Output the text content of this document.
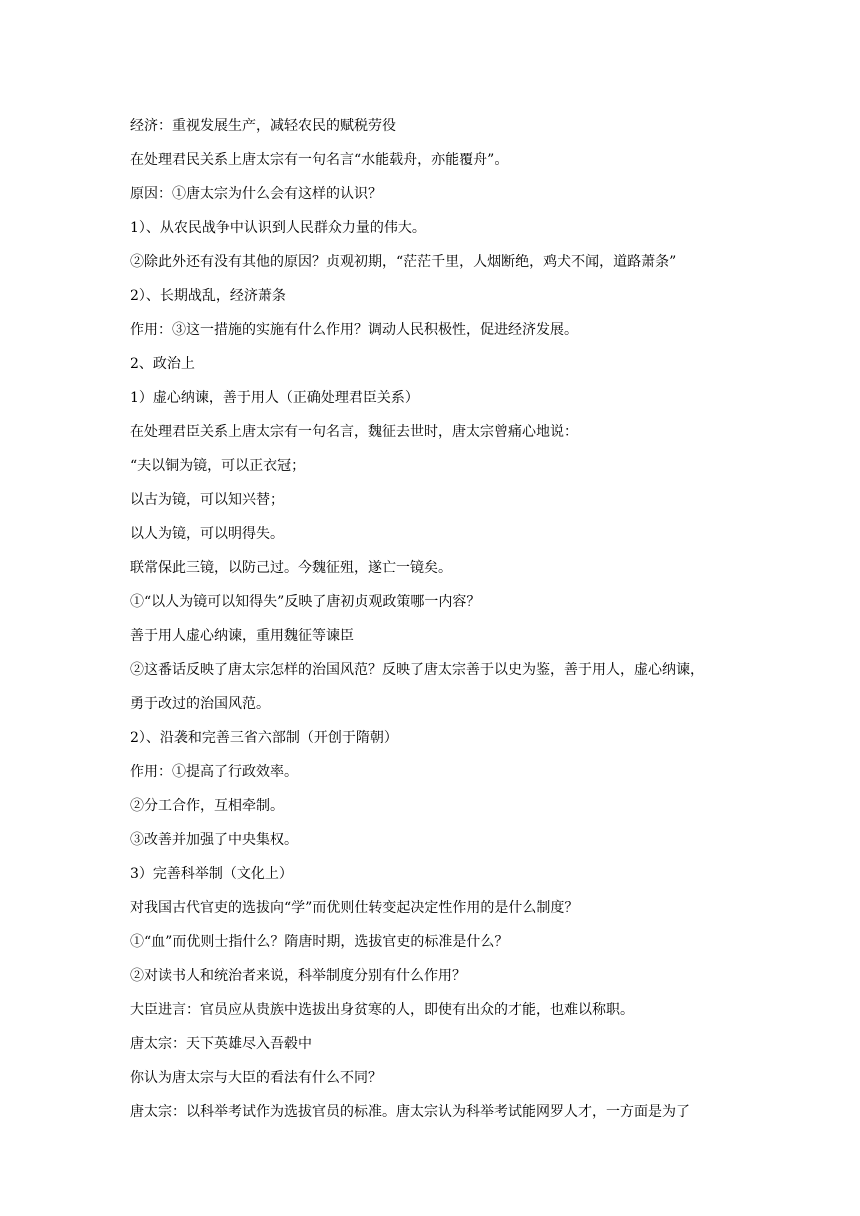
经济：重视发展生产，减轻农民的赋税劳役
在处理君民关系上唐太宗有一句名言“水能载舟，亦能覆舟”。
原因：①唐太宗为什么会有这样的认识？
1）、从农民战争中认识到人民群众力量的伟大。
②除此外还有没有其他的原因？贞观初期，“茫茫千里，人烟断绝，鸡犬不闻，道路萧条”
2）、长期战乱，经济萧条
作用：③这一措施的实施有什么作用？调动人民积极性，促进经济发展。
2、政治上
1）虚心纳谏，善于用人（正确处理君臣关系）
在处理君臣关系上唐太宗有一句名言，魏征去世时，唐太宗曾痛心地说：
“夫以铜为镜，可以正衣冠；
以古为镜，可以知兴替；
以人为镜，可以明得失。
联常保此三镜，以防己过。今魏征殂，遂亡一镜矣。
①“以人为镜可以知得失”反映了唐初贞观政策哪一内容？
善于用人虚心纳谏，重用魏征等谏臣
②这番话反映了唐太宗怎样的治国风范？反映了唐太宗善于以史为鉴，善于用人，虚心纳谏，
勇于改过的治国风范。
2）、沿袭和完善三省六部制（开创于隋朝）
作用：①提高了行政效率。
②分工合作，互相牵制。
③改善并加强了中央集权。
3）完善科举制（文化上）
对我国古代官吏的选拔向“学”而优则仕转变起决定性作用的是什么制度？
①“血”而优则士指什么？隋唐时期，选拔官吏的标准是什么？
②对读书人和统治者来说，科举制度分别有什么作用？
大臣进言：官员应从贵族中选拔出身贫寒的人，即使有出众的才能，也难以称职。
唐太宗：天下英雄尽入吾毂中
你认为唐太宗与大臣的看法有什么不同？
唐太宗：以科举考试作为选拔官员的标准。唐太宗认为科举考试能网罗人才，一方面是为了
